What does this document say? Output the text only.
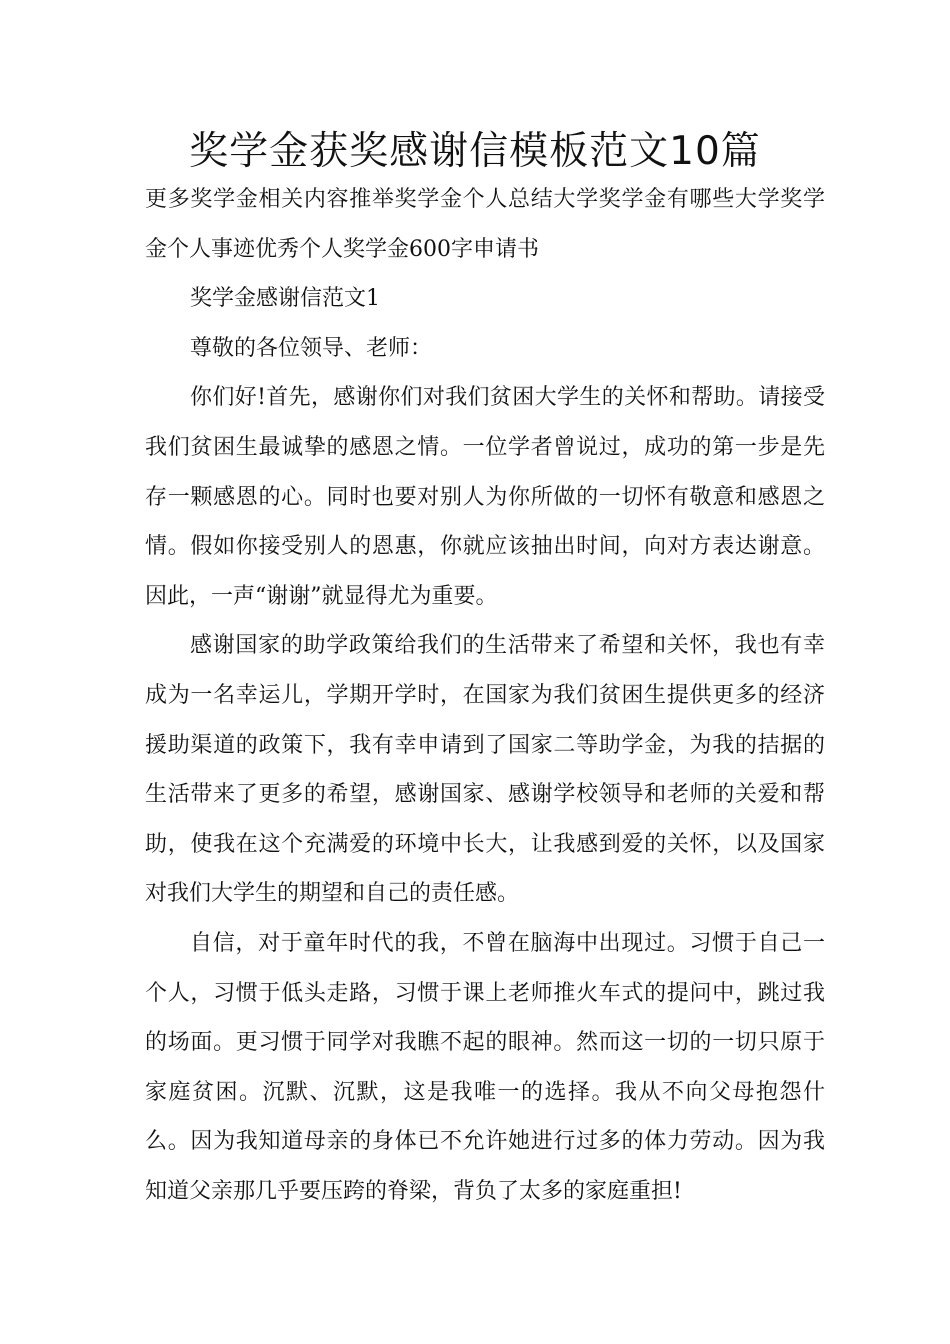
奖学金获奖感谢信模板范文10篇

更多奖学金相关内容推举奖学金个人总结大学奖学金有哪些大学奖学金个人事迹优秀个人奖学金600字申请书

奖学金感谢信范文1

尊敬的各位领导、老师：

你们好!首先，感谢你们对我们贫困大学生的关怀和帮助。请接受我们贫困生最诚挚的感恩之情。一位学者曾说过，成功的第一步是先存一颗感恩的心。同时也要对别人为你所做的一切怀有敬意和感恩之情。假如你接受别人的恩惠，你就应该抽出时间，向对方表达谢意。因此，一声“谢谢”就显得尤为重要。

感谢国家的助学政策给我们的生活带来了希望和关怀，我也有幸成为一名幸运儿，学期开学时，在国家为我们贫困生提供更多的经济援助渠道的政策下，我有幸申请到了国家二等助学金，为我的拮据的生活带来了更多的希望，感谢国家、感谢学校领导和老师的关爱和帮助，使我在这个充满爱的环境中长大，让我感到爱的关怀，以及国家对我们大学生的期望和自己的责任感。

自信，对于童年时代的我，不曾在脑海中出现过。习惯于自己一个人，习惯于低头走路，习惯于课上老师推火车式的提问中，跳过我的场面。更习惯于同学对我瞧不起的眼神。然而这一切的一切只原于家庭贫困。沉默、沉默，这是我唯一的选择。我从不向父母抱怨什么。因为我知道母亲的身体已不允许她进行过多的体力劳动。因为我知道父亲那几乎要压跨的脊梁，背负了太多的家庭重担!
